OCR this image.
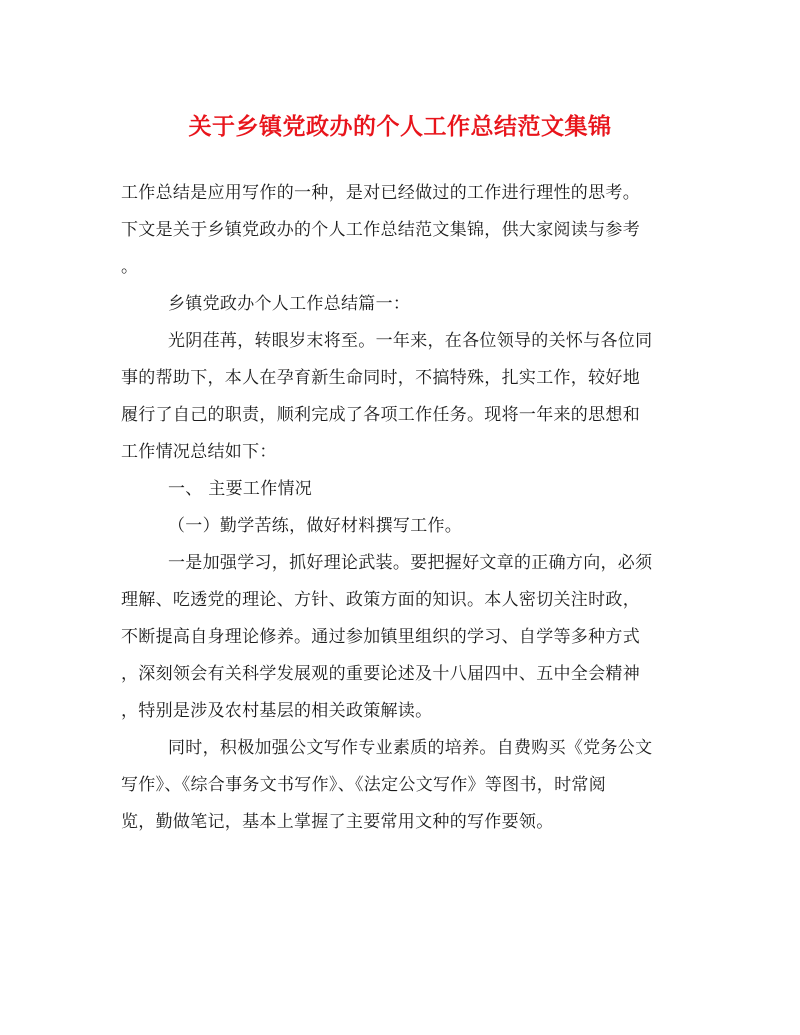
关于乡镇党政办的个人工作总结范文集锦
工作总结是应用写作的一种，是对已经做过的工作进行理性的思考。
下文是关于乡镇党政办的个人工作总结范文集锦，供大家阅读与参考
。
乡镇党政办个人工作总结篇一：
光阴荏苒，转眼岁末将至。一年来，在各位领导的关怀与各位同
事的帮助下，本人在孕育新生命同时，不搞特殊，扎实工作，较好地
履行了自己的职责，顺利完成了各项工作任务。现将一年来的思想和
工作情况总结如下：
一、 主要工作情况
（一）勤学苦练，做好材料撰写工作。
一是加强学习，抓好理论武装。要把握好文章的正确方向，必须
理解、吃透党的理论、方针、政策方面的知识。本人密切关注时政，
不断提高自身理论修养。通过参加镇里组织的学习、自学等多种方式
，深刻领会有关科学发展观的重要论述及十八届四中、五中全会精神
，特别是涉及农村基层的相关政策解读。
同时，积极加强公文写作专业素质的培养。自费购买《党务公文
写作》、《综合事务文书写作》、《法定公文写作》等图书，时常阅
览，勤做笔记，基本上掌握了主要常用文种的写作要领。
